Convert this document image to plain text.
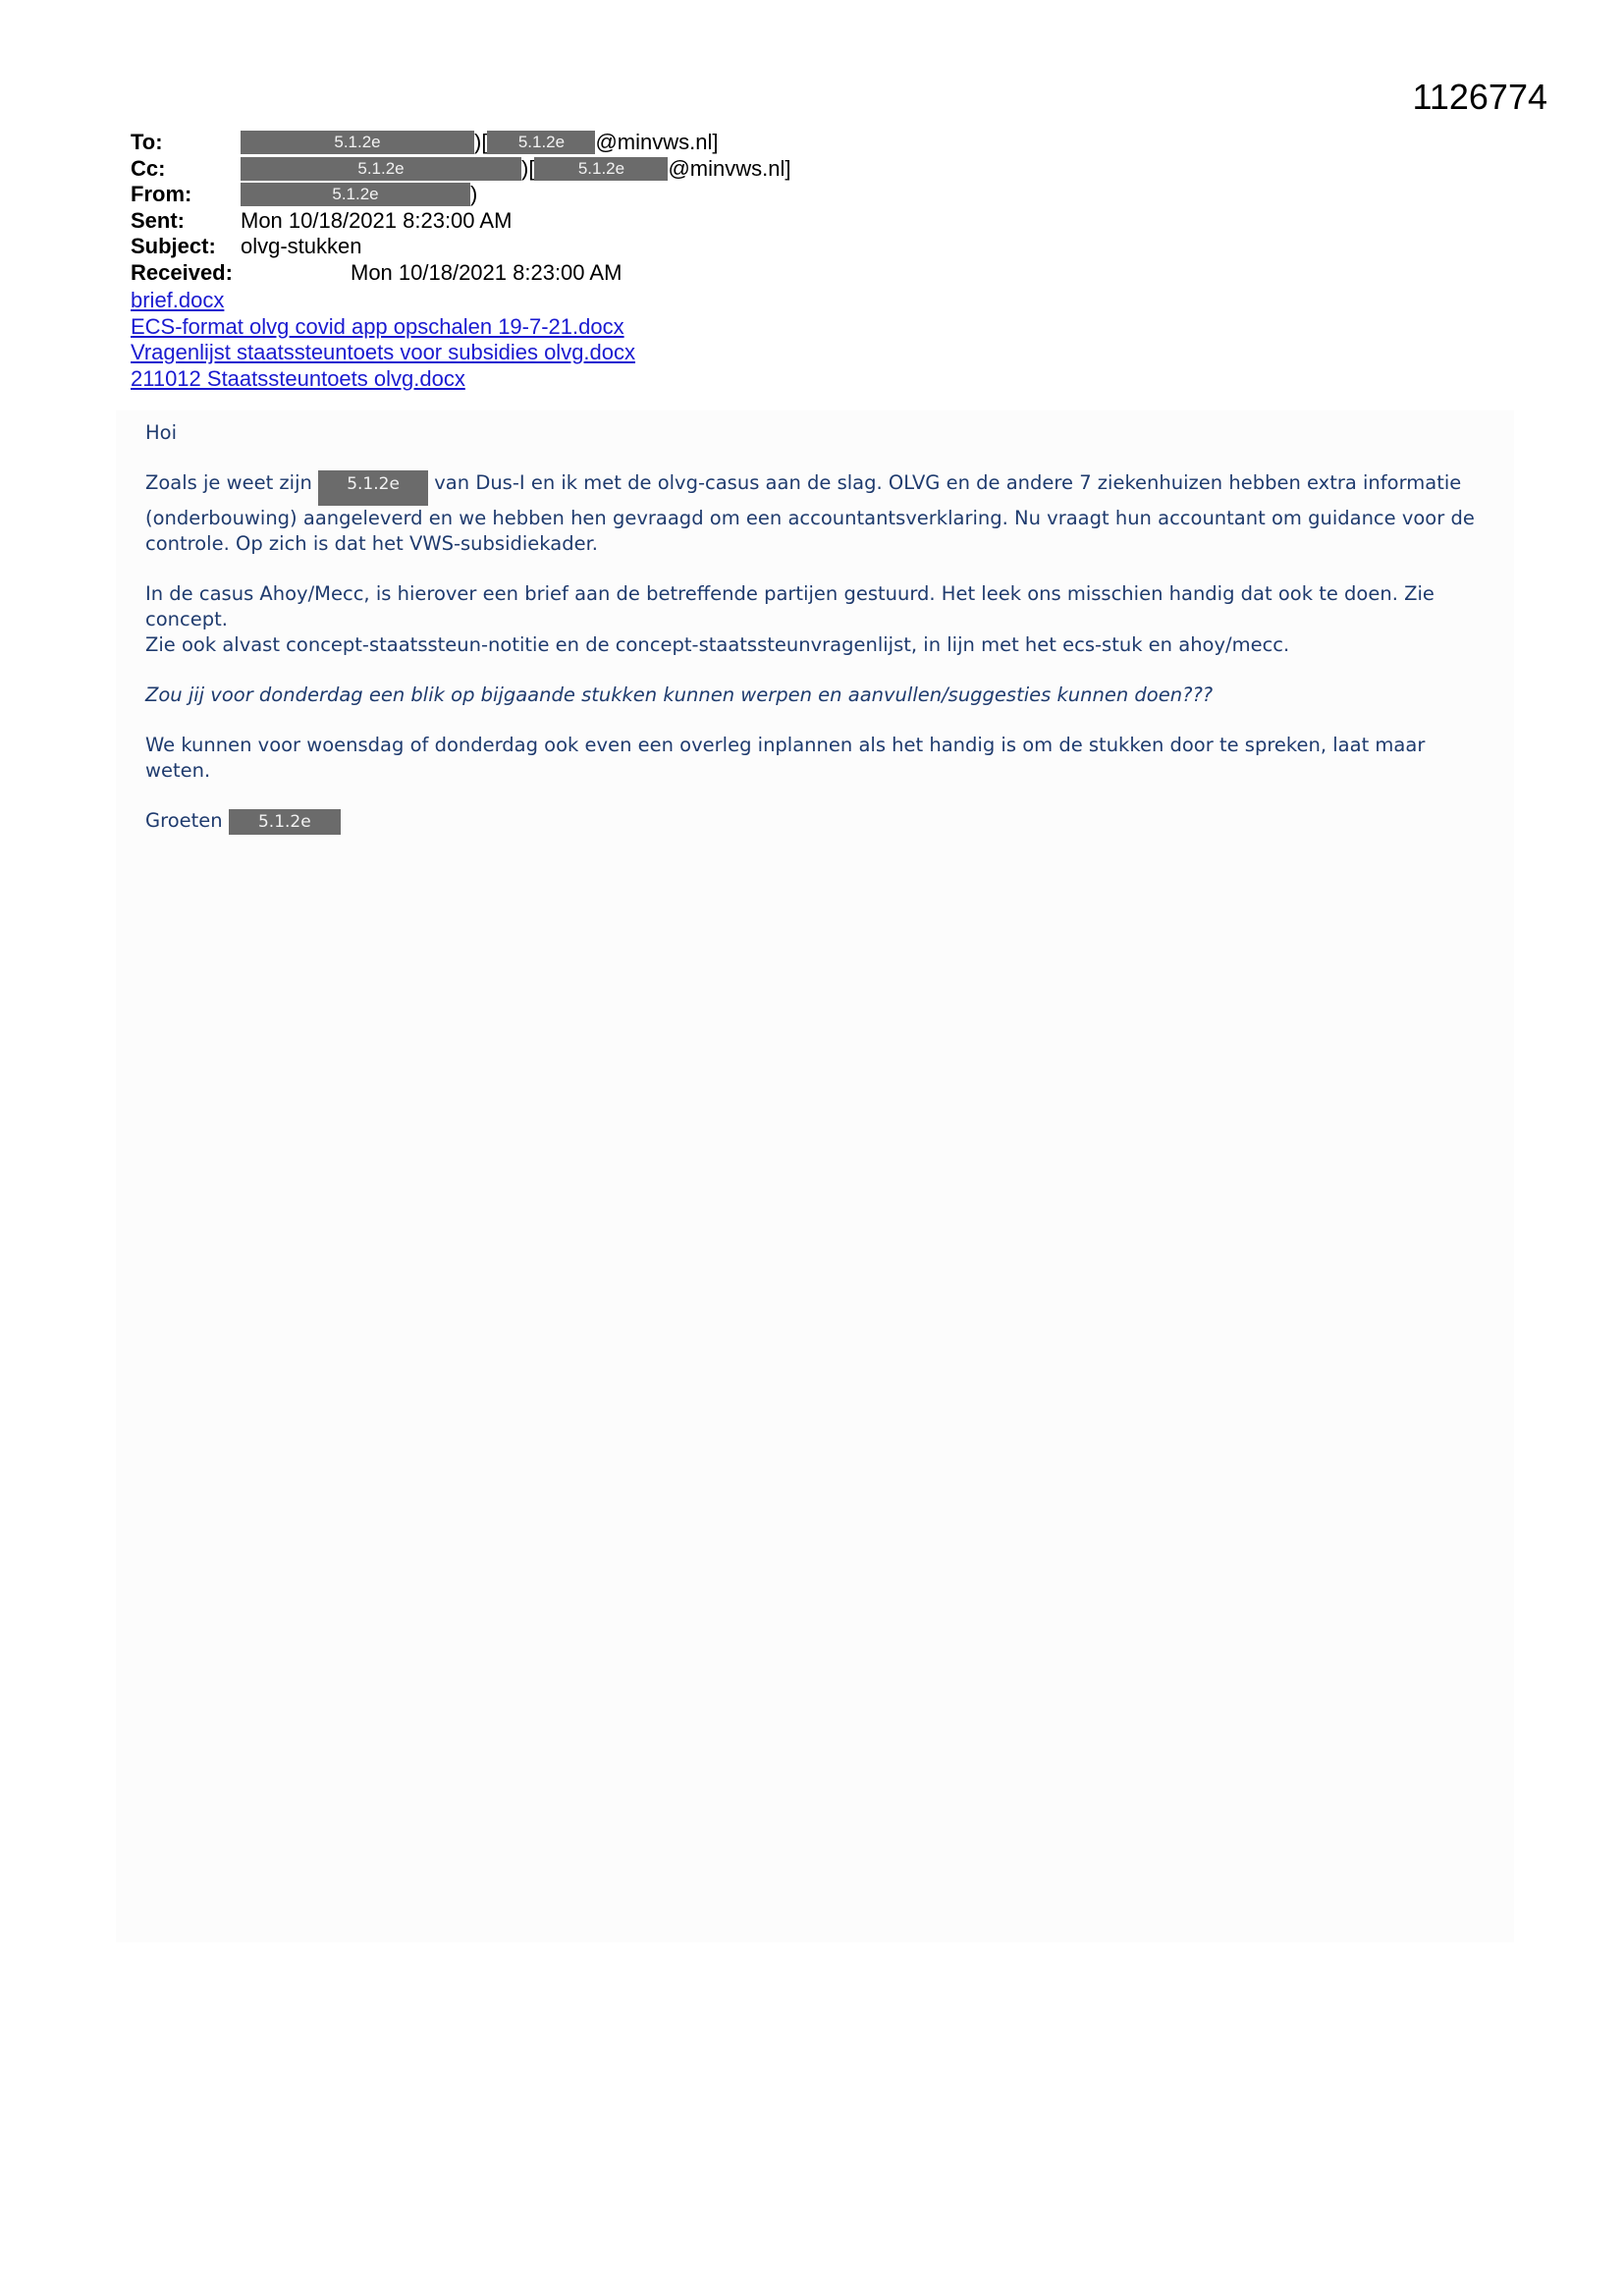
1126774
To:	5.1.2e	)[	5.1.2e	@minvws.nl]
Cc:	5.1.2e	)[	5.1.2e	@minvws.nl]
From:	5.1.2e	)
Sent:	Mon 10/18/2021 8:23:00 AM
Subject:	olvg-stukken
Received:	Mon 10/18/2021 8:23:00 AM
brief.docx
ECS-format olvg covid app opschalen 19-7-21.docx
Vragenlijst staatssteuntoets voor subsidies olvg.docx
211012 Staatssteuntoets olvg.docx

Hoi

Zoals je weet zijn 5.1.2e van Dus-I en ik met de olvg-casus aan de slag. OLVG en de andere 7 ziekenhuizen hebben extra informatie (onderbouwing) aangeleverd en we hebben hen gevraagd om een accountantsverklaring. Nu vraagt hun accountant om guidance voor de controle. Op zich is dat het VWS-subsidiekader.

In de casus Ahoy/Mecc, is hierover een brief aan de betreffende partijen gestuurd. Het leek ons misschien handig dat ook te doen. Zie concept.
Zie ook alvast concept-staatssteun-notitie en de concept-staatssteunvragenlijst, in lijn met het ecs-stuk en ahoy/mecc.

Zou jij voor donderdag een blik op bijgaande stukken kunnen werpen en aanvullen/suggesties kunnen doen???

We kunnen voor woensdag of donderdag ook even een overleg inplannen als het handig is om de stukken door te spreken, laat maar weten.

Groeten 5.1.2e
